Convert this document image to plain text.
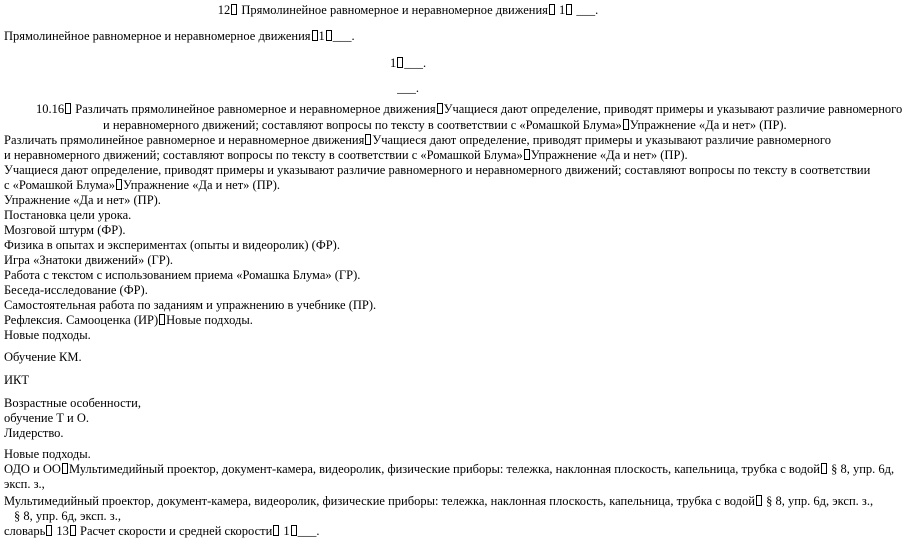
12 Прямолинейное равномерное и неравномерное движения 1 ___.
Прямолинейное равномерное и неравномерное движения 1 ___.
1 ___.
___.
10.16 Различать прямолинейное равномерное и неравномерное движения Учащиеся дают определение, приводят примеры и указывают различие равномерного
и неравномерного движений; составляют вопросы по тексту в соответствии с «Ромашкой Блума» Упражнение «Да и нет» (ПР).
Различать прямолинейное равномерное и неравномерное движения Учащиеся дают определение, приводят примеры и указывают различие равномерного
и неравномерного движений; составляют вопросы по тексту в соответствии с «Ромашкой Блума» Упражнение «Да и нет» (ПР).
Учащиеся дают определение, приводят примеры и указывают различие равномерного и неравномерного движений; составляют вопросы по тексту в соответствии
с «Ромашкой Блума» Упражнение «Да и нет» (ПР).
Упражнение «Да и нет» (ПР).
Постановка цели урока.
Мозговой штурм (ФР).
Физика в опытах и экспериментах (опыты и видеоролик) (ФР).
Игра «Знатоки движений» (ГР).
Работа с текстом с использованием приема «Ромашка Блума» (ГР).
Беседа-исследование (ФР).
Самостоятельная работа по заданиям и упражнению в учебнике (ПР).
Рефлексия. Самооценка (ИР) Новые подходы.
Новые подходы.
Обучение КМ.
ИКТ
Возрастные особенности,
обучение Т и О.
Лидерство.
Новые подходы.
ОДО и ОО Мультимедийный проектор, документ-камера, видеоролик, физические приборы: тележка, наклонная плоскость, капельница, трубка с водой § 8, упр. 6д,
эксп. з.,
Мультимедийный проектор, документ-камера, видеоролик, физические приборы: тележка, наклонная плоскость, капельница, трубка с водой § 8, упр. 6д, эксп. з.,
§ 8, упр. 6д, эксп. з.,
словарь 13 Расчет скорости и средней скорости 1 ___.
